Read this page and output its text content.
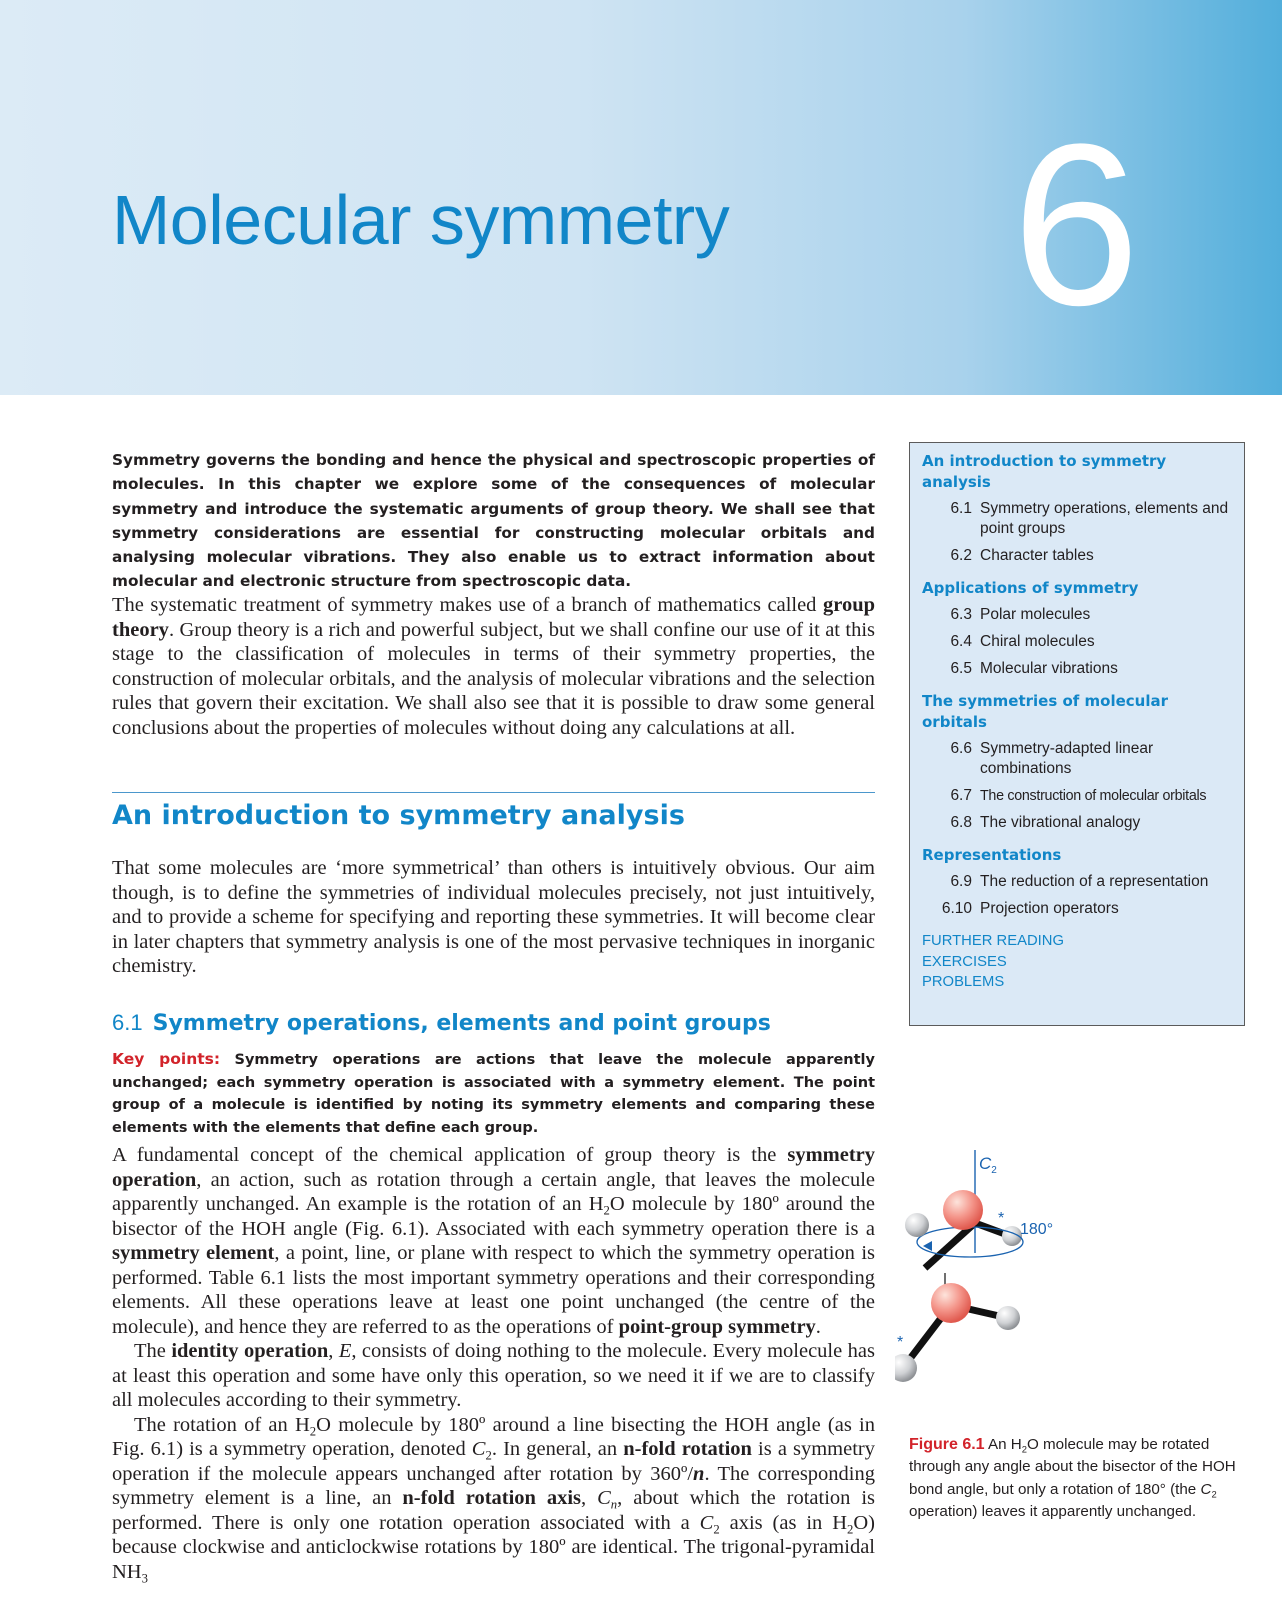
Molecular symmetry 6

Symmetry governs the bonding and hence the physical and spectroscopic properties of molecules. In this chapter we explore some of the consequences of molecular symmetry and introduce the systematic arguments of group theory. We shall see that symmetry considerations are essential for constructing molecular orbitals and analysing molecular vibrations. They also enable us to extract information about molecular and electronic structure from spectroscopic data.

The systematic treatment of symmetry makes use of a branch of mathematics called group theory. Group theory is a rich and powerful subject, but we shall confine our use of it at this stage to the classification of molecules in terms of their symmetry properties, the construction of molecular orbitals, and the analysis of molecular vibrations and the selection rules that govern their excitation. We shall also see that it is possible to draw some general conclusions about the properties of molecules without doing any calculations at all.

An introduction to symmetry analysis

That some molecules are ‘more symmetrical’ than others is intuitively obvious. Our aim though, is to define the symmetries of individual molecules precisely, not just intuitively, and to provide a scheme for specifying and reporting these symmetries. It will become clear in later chapters that symmetry analysis is one of the most pervasive techniques in inorganic chemistry.

6.1 Symmetry operations, elements and point groups

Key points: Symmetry operations are actions that leave the molecule apparently unchanged; each symmetry operation is associated with a symmetry element. The point group of a molecule is identified by noting its symmetry elements and comparing these elements with the elements that define each group.

A fundamental concept of the chemical application of group theory is the symmetry operation, an action, such as rotation through a certain angle, that leaves the molecule apparently unchanged. An example is the rotation of an $H_2O$ molecule by 180º around the bisector of the HOH angle (Fig. 6.1). Associated with each symmetry operation there is a symmetry element, a point, line, or plane with respect to which the symmetry operation is performed. Table 6.1 lists the most important symmetry operations and their corresponding elements. All these operations leave at least one point unchanged (the centre of the molecule), and hence they are referred to as the operations of point-group symmetry.

The identity operation, E, consists of doing nothing to the molecule. Every molecule has at least this operation and some have only this operation, so we need it if we are to classify all molecules according to their symmetry.

The rotation of an $H_2O$ molecule by 180º around a line bisecting the HOH angle (as in Fig. 6.1) is a symmetry operation, denoted $C_2$. In general, an n-fold rotation is a symmetry operation if the molecule appears unchanged after rotation by 360º/n. The corresponding symmetry element is a line, an n-fold rotation axis, $C_n$, about which the rotation is performed. There is only one rotation operation associated with a $C_2$ axis (as in $H_2O$) because clockwise and anticlockwise rotations by 180º are identical. The trigonal-pyramidal $NH_3$

An introduction to symmetry analysis
6.1 Symmetry operations, elements and point groups
6.2 Character tables
Applications of symmetry
6.3 Polar molecules
6.4 Chiral molecules
6.5 Molecular vibrations
The symmetries of molecular orbitals
6.6 Symmetry-adapted linear combinations
6.7 The construction of molecular orbitals
6.8 The vibrational analogy
Representations
6.9 The reduction of a representation
6.10 Projection operators
FURTHER READING
EXERCISES
PROBLEMS
$C_2$
*
180°
*

Figure 6.1 An $H_2O$ molecule may be rotated through any angle about the bisector of the HOH bond angle, but only a rotation of 180° (the $C_2$ operation) leaves it apparently unchanged.
